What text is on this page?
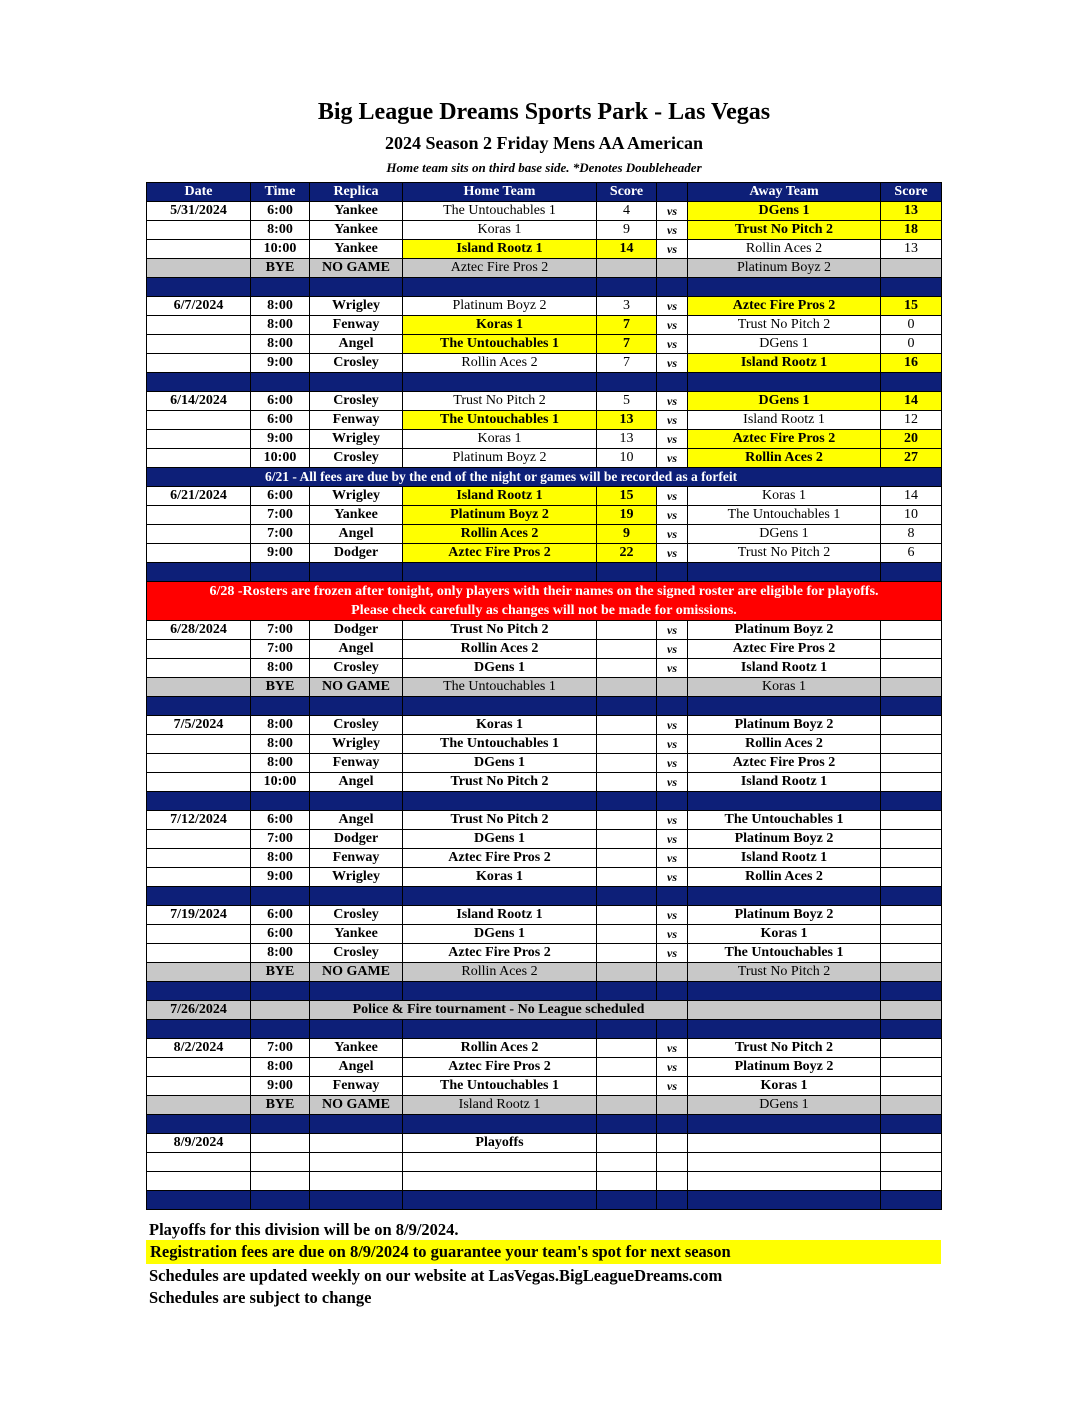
Big League Dreams Sports Park - Las Vegas
2024 Season 2 Friday Mens AA American
Home team sits on third base side. *Denotes Doubleheader
Date	Time	Replica	Home Team	Score		Away Team	Score
5/31/2024	6:00	Yankee	The Untouchables 1	4	vs	DGens 1	13
	8:00	Yankee	Koras 1	9	vs	Trust No Pitch 2	18
	10:00	Yankee	Island Rootz 1	14	vs	Rollin Aces 2	13
	BYE	NO GAME	Aztec Fire Pros 2			Platinum Boyz 2	

6/7/2024	8:00	Wrigley	Platinum Boyz 2	3	vs	Aztec Fire Pros 2	15
	8:00	Fenway	Koras 1	7	vs	Trust No Pitch 2	0
	8:00	Angel	The Untouchables 1	7	vs	DGens 1	0
	9:00	Crosley	Rollin Aces 2	7	vs	Island Rootz 1	16

6/14/2024	6:00	Crosley	Trust No Pitch 2	5	vs	DGens 1	14
	6:00	Fenway	The Untouchables 1	13	vs	Island Rootz 1	12
	9:00	Wrigley	Koras 1	13	vs	Aztec Fire Pros 2	20
	10:00	Crosley	Platinum Boyz 2	10	vs	Rollin Aces 2	27
6/21 - All fees are due by the end of the night or games will be recorded as a forfeit							
6/21/2024	6:00	Wrigley	Island Rootz 1	15	vs	Koras 1	14
	7:00	Yankee	Platinum Boyz 2	19	vs	The Untouchables 1	10
	7:00	Angel	Rollin Aces 2	9	vs	DGens 1	8
	9:00	Dodger	Aztec Fire Pros 2	22	vs	Trust No Pitch 2	6

6/28 -Rosters are frozen after tonight, only players with their names on the signed roster are eligible for playoffs.
Please check carefully as changes will not be made for omissions.							

6/28/2024	7:00	Dodger	Trust No Pitch 2		vs	Platinum Boyz 2	
	7:00	Angel	Rollin Aces 2		vs	Aztec Fire Pros 2	
	8:00	Crosley	DGens 1		vs	Island Rootz 1	
	BYE	NO GAME	The Untouchables 1			Koras 1	

7/5/2024	8:00	Crosley	Koras 1		vs	Platinum Boyz 2	
	8:00	Wrigley	The Untouchables 1		vs	Rollin Aces 2	
	8:00	Fenway	DGens 1		vs	Aztec Fire Pros 2	
	10:00	Angel	Trust No Pitch 2		vs	Island Rootz 1	

7/12/2024	6:00	Angel	Trust No Pitch 2		vs	The Untouchables 1	
	7:00	Dodger	DGens 1		vs	Platinum Boyz 2	
	8:00	Fenway	Aztec Fire Pros 2		vs	Island Rootz 1	
	9:00	Wrigley	Koras 1		vs	Rollin Aces 2	

7/19/2024	6:00	Crosley	Island Rootz 1		vs	Platinum Boyz 2	
	6:00	Yankee	DGens 1		vs	Koras 1	
	8:00	Crosley	Aztec Fire Pros 2		vs	The Untouchables 1	
	BYE	NO GAME	Rollin Aces 2			Trust No Pitch 2	

7/26/2024		Police & Fire tournament - No League scheduled					

8/2/2024	7:00	Yankee	Rollin Aces 2		vs	Trust No Pitch 2	
	8:00	Angel	Aztec Fire Pros 2		vs	Platinum Boyz 2	
	9:00	Fenway	The Untouchables 1		vs	Koras 1	
	BYE	NO GAME	Island Rootz 1			DGens 1	

8/9/2024			Playoffs				

Playoffs for this division will be on 8/9/2024.
Registration fees are due on 8/9/2024 to guarantee your team's spot for next season
Schedules are updated weekly on our website at LasVegas.BigLeagueDreams.com
Schedules are subject to change
